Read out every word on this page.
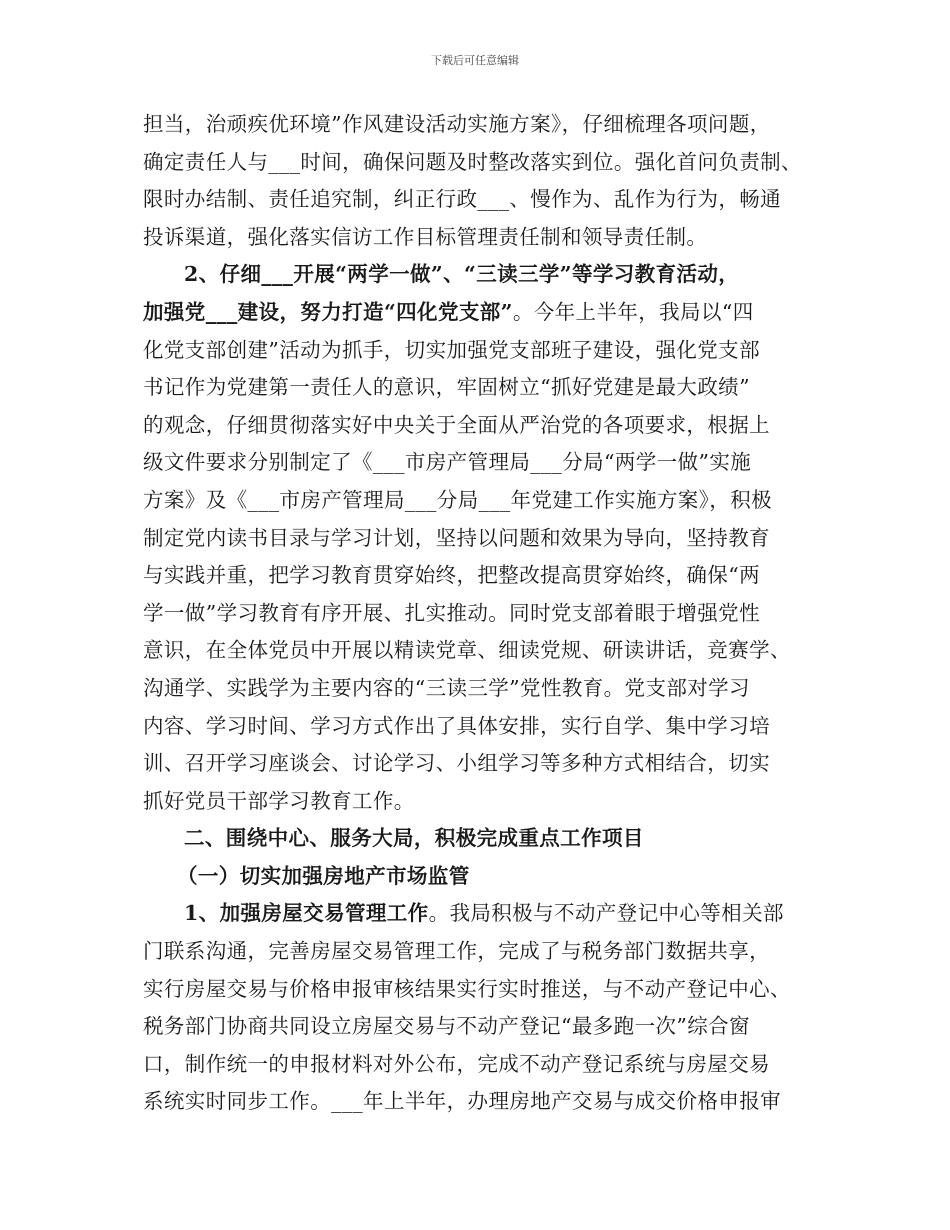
下载后可任意编辑
担当，治顽疾优环境”作风建设活动实施方案》，仔细梳理各项问题，
确定责任人与___时间，确保问题及时整改落实到位。强化首问负责制、
限时办结制、责任追究制，纠正行政___、慢作为、乱作为行为，畅通
投诉渠道，强化落实信访工作目标管理责任制和领导责任制。
2、仔细___开展“两学一做”、“三读三学”等学习教育活动，
加强党___建设，努力打造“四化党支部”。今年上半年，我局以“四
化党支部创建”活动为抓手，切实加强党支部班子建设，强化党支部
书记作为党建第一责任人的意识，牢固树立“抓好党建是最大政绩”
的观念，仔细贯彻落实好中央关于全面从严治党的各项要求，根据上
级文件要求分别制定了《___市房产管理局___分局“两学一做”实施
方案》及《___市房产管理局___分局___年党建工作实施方案》，积极
制定党内读书目录与学习计划，坚持以问题和效果为导向，坚持教育
与实践并重，把学习教育贯穿始终，把整改提高贯穿始终，确保“两
学一做”学习教育有序开展、扎实推动。同时党支部着眼于增强党性
意识，在全体党员中开展以精读党章、细读党规、研读讲话，竞赛学、
沟通学、实践学为主要内容的“三读三学”党性教育。党支部对学习
内容、学习时间、学习方式作出了具体安排，实行自学、集中学习培
训、召开学习座谈会、讨论学习、小组学习等多种方式相结合，切实
抓好党员干部学习教育工作。
二、围绕中心、服务大局，积极完成重点工作项目
（一）切实加强房地产市场监管
1、加强房屋交易管理工作。我局积极与不动产登记中心等相关部
门联系沟通，完善房屋交易管理工作，完成了与税务部门数据共享，
实行房屋交易与价格申报审核结果实行实时推送，与不动产登记中心、
税务部门协商共同设立房屋交易与不动产登记“最多跑一次”综合窗
口，制作统一的申报材料对外公布，完成不动产登记系统与房屋交易
系统实时同步工作。___年上半年，办理房地产交易与成交价格申报审
